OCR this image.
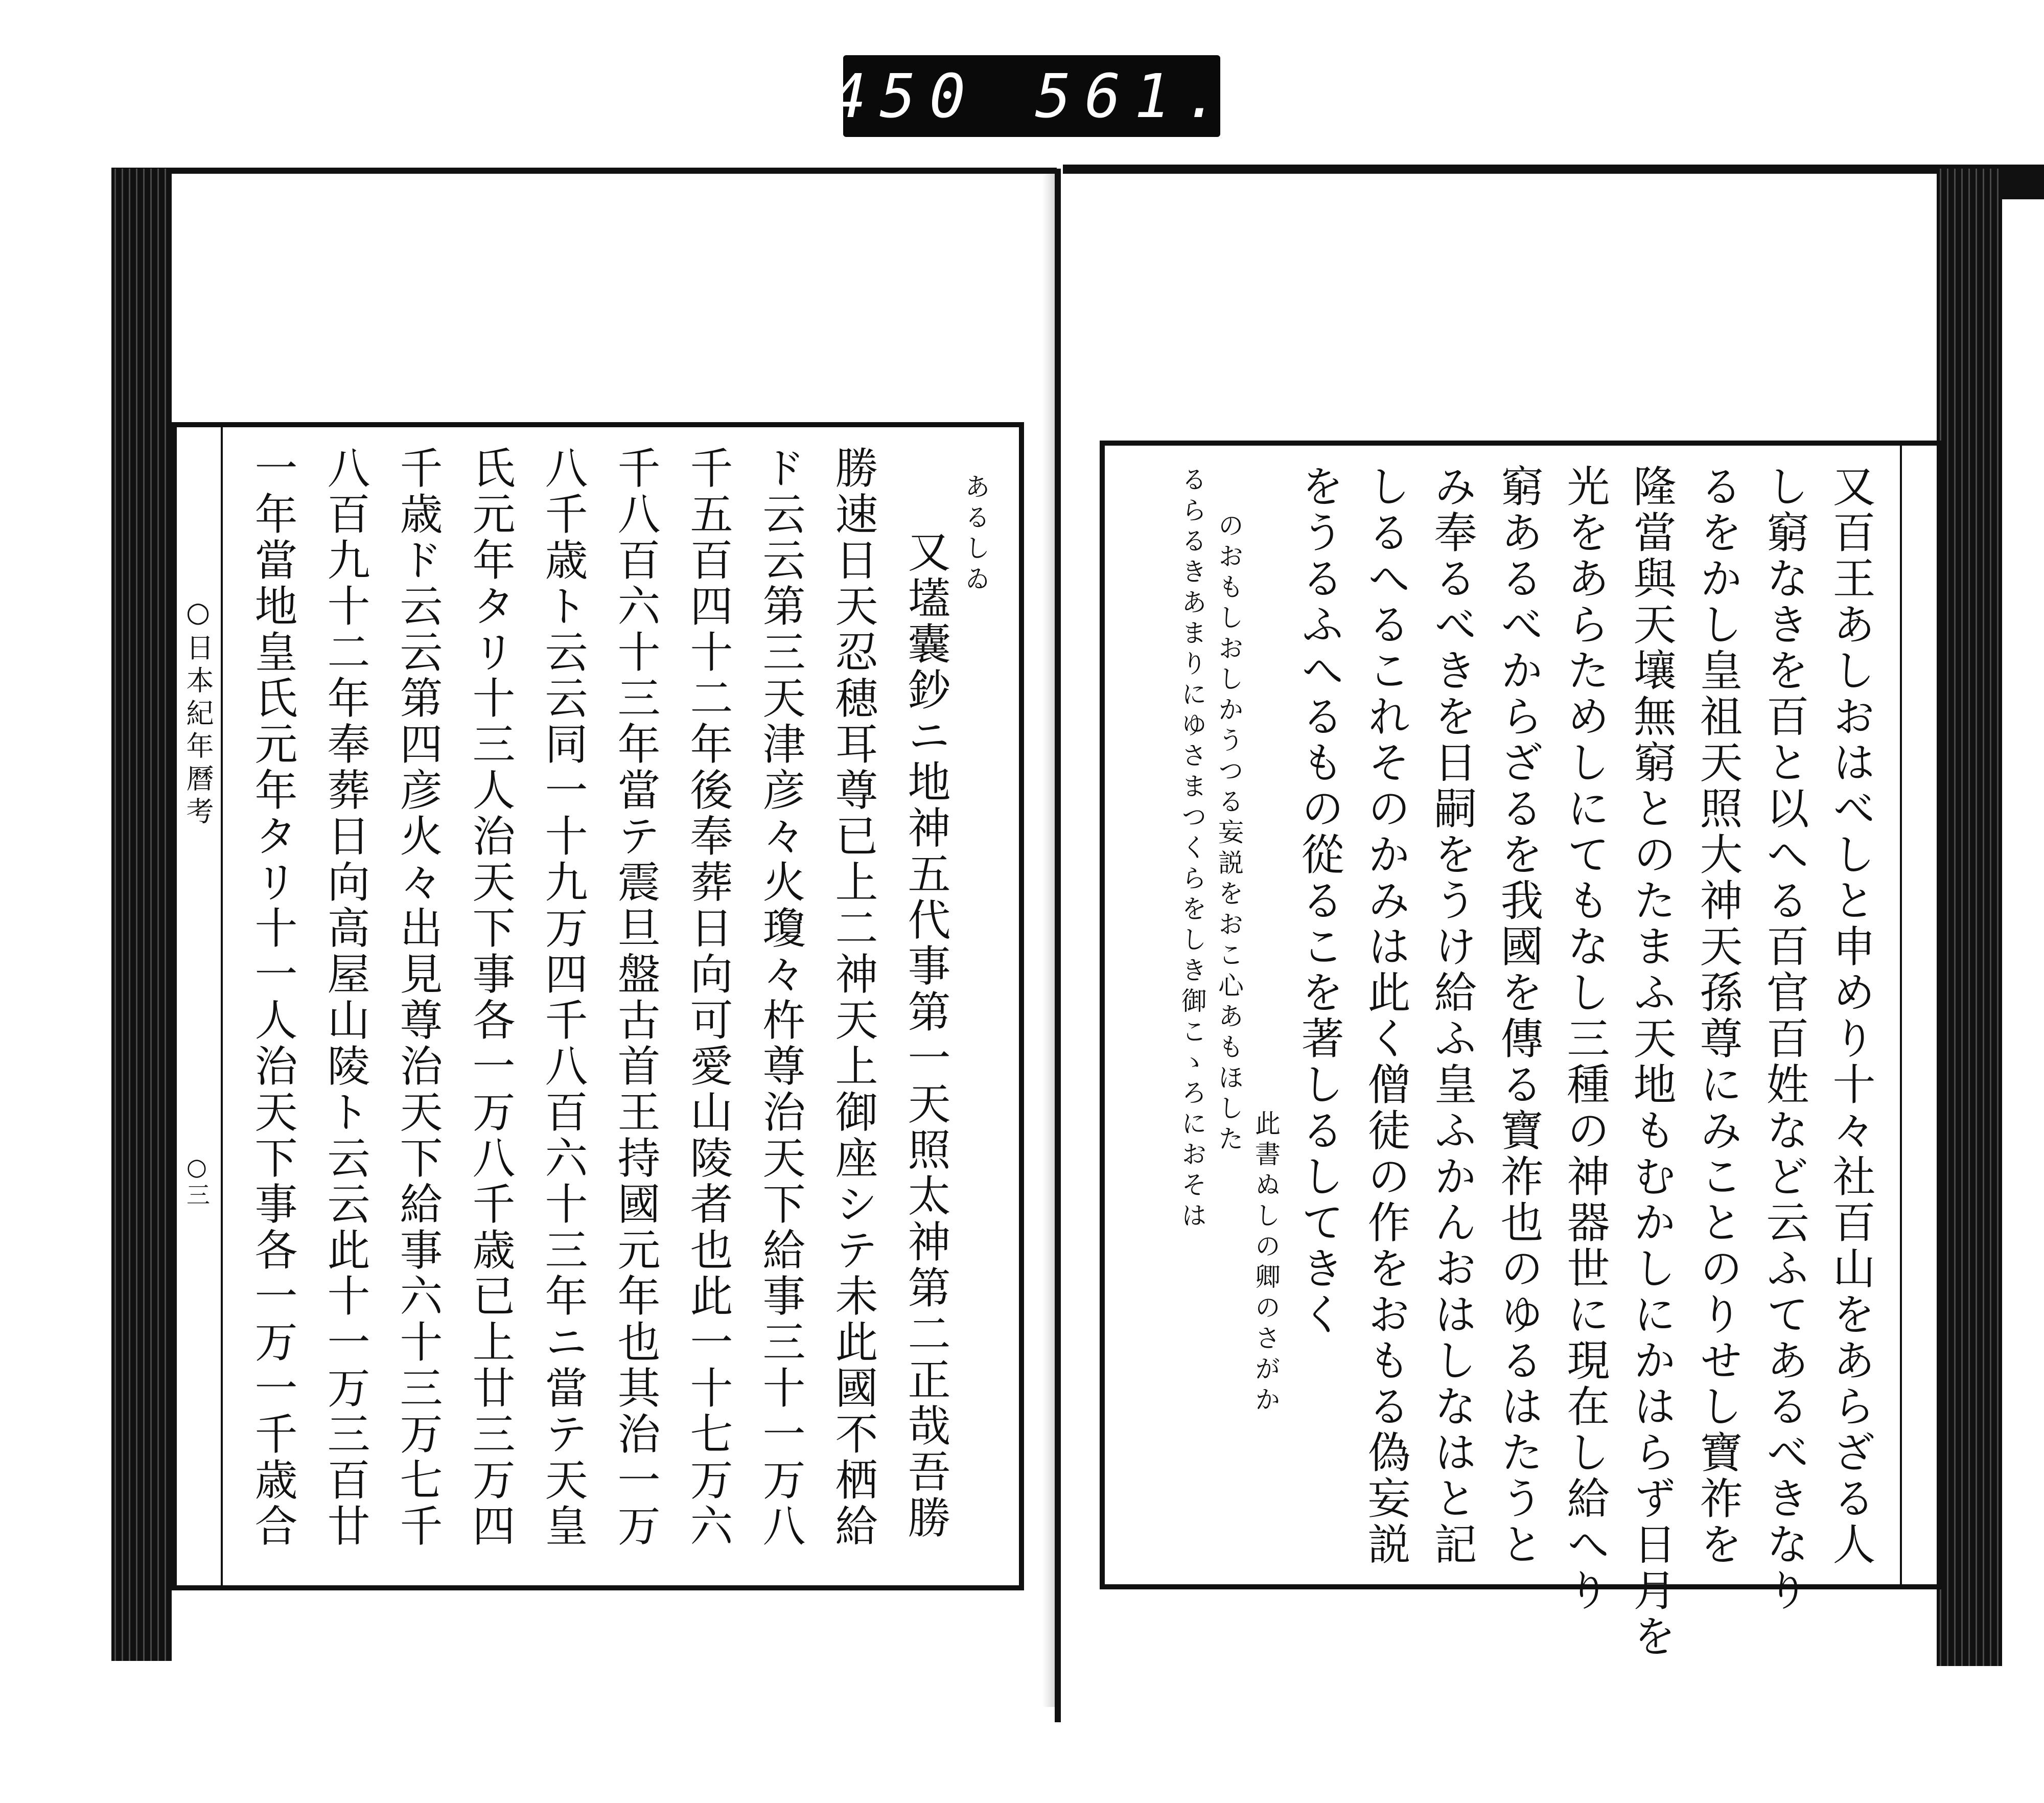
450 561.
○日本紀年曆考
○三
あるしゐ
又壒囊鈔ニ地神五代事第一天照太神第二正哉吾勝
勝速日天忍穂耳尊已上二神天上御座シテ未此國不栖給
ド云云第三天津彦々火瓊々杵尊治天下給事三十一万八
千五百四十二年後奉葬日向可愛山陵者也此一十七万六
千八百六十三年當テ震旦盤古首王持國元年也其治一万
八千歳ト云云同一十九万四千八百六十三年ニ當テ天皇
氏元年タリ十三人治天下事各一万八千歳已上廿三万四
千歳ド云云第四彦火々出見尊治天下給事六十三万七千
八百九十二年奉葬日向高屋山陵ト云云此十一万三百廿
一年當地皇氏元年タリ十一人治天下事各一万一千歳合	又百王あしおはべしと申めり十々社百山をあらざる人
し窮なきを百と以へる百官百姓など云ふてあるべきなり
るをかし皇祖天照大神天孫尊にみことのりせし寶祚を
隆當與天壤無窮とのたまふ天地もむかしにかはらず日月を
光をあらためしにてもなし三種の神器世に現在し給へり
窮あるべからざるを我國を傳る寶祚也のゆるはたうと
み奉るべきを日嗣をうけ給ふ皇ふかんおはしなはと記
しるへるこれそのかみは此く僧徒の作をおもる偽妄説
をうるふへるもの從るこを著しるしてきく
此書ぬしの卿のさがか
のおもしおしかうつる妄説をおこ心あもほした
るらるきあまりにゆさまつくらをしき御こゝろにおそは
